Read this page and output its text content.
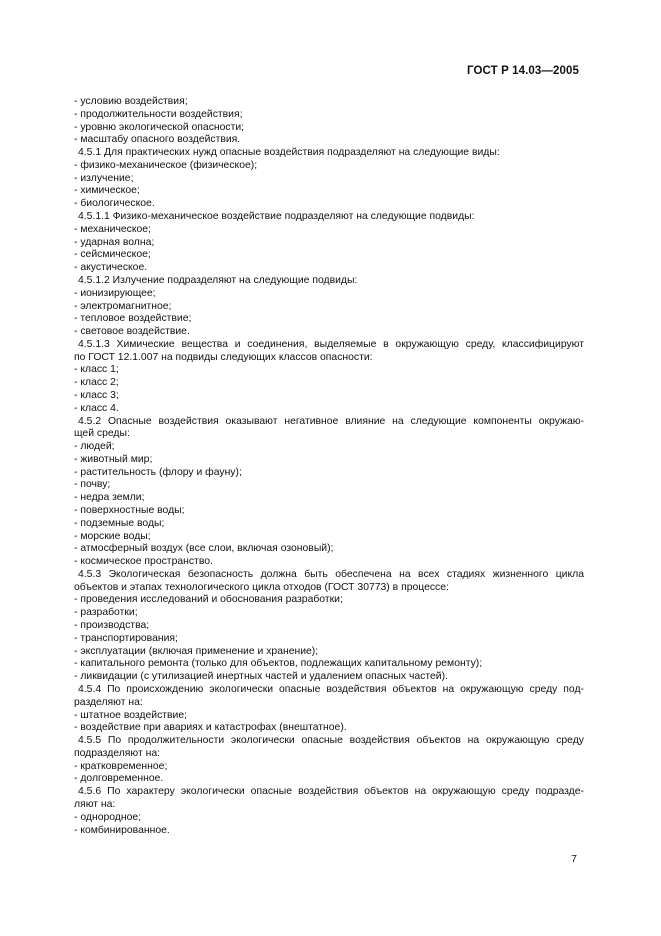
ГОСТ Р 14.03—2005
- условию воздействия;
- продолжительности воздействия;
- уровню экологической опасности;
- масштабу опасного воздействия.
4.5.1 Для практических нужд опасные воздействия подразделяют на следующие виды:
- физико-механическое (физическое);
- излучение;
- химическое;
- биологическое.
4.5.1.1 Физико-механическое воздействие подразделяют на следующие подвиды:
- механическое;
- ударная волна;
- сейсмическое;
- акустическое.
4.5.1.2 Излучение подразделяют на следующие подвиды:
- ионизирующее;
- электромагнитное;
- тепловое воздействие;
- световое воздействие.
4.5.1.3 Химические вещества и соединения, выделяемые в окружающую среду, классифицируют
по ГОСТ 12.1.007 на подвиды следующих классов опасности:
- класс 1;
- класс 2;
- класс 3;
- класс 4.
4.5.2 Опасные воздействия оказывают негативное влияние на следующие компоненты окружаю-
щей среды:
- людей;
- животный мир;
- растительность (флору и фауну);
- почву;
- недра земли;
- поверхностные воды;
- подземные воды;
- морские воды;
- атмосферный воздух (все слои, включая озоновый);
- космическое пространство.
4.5.3 Экологическая безопасность должна быть обеспечена на всех стадиях жизненного цикла
объектов и этапах технологического цикла отходов (ГОСТ 30773) в процессе:
- проведения исследований и обоснования разработки;
- разработки;
- производства;
- транспортирования;
- эксплуатации (включая применение и хранение);
- капитального ремонта (только для объектов, подлежащих капитальному ремонту);
- ликвидации (с утилизацией инертных частей и удалением опасных частей).
4.5.4 По происхождению экологически опасные воздействия объектов на окружающую среду под-
разделяют на:
- штатное воздействие;
- воздействие при авариях и катастрофах (внештатное).
4.5.5 По продолжительности экологически опасные воздействия объектов на окружающую среду
подразделяют на:
- кратковременное;
- долговременное.
4.5.6 По характеру экологически опасные воздействия объектов на окружающую среду подразде-
ляют на:
- однородное;
- комбинированное.
7
